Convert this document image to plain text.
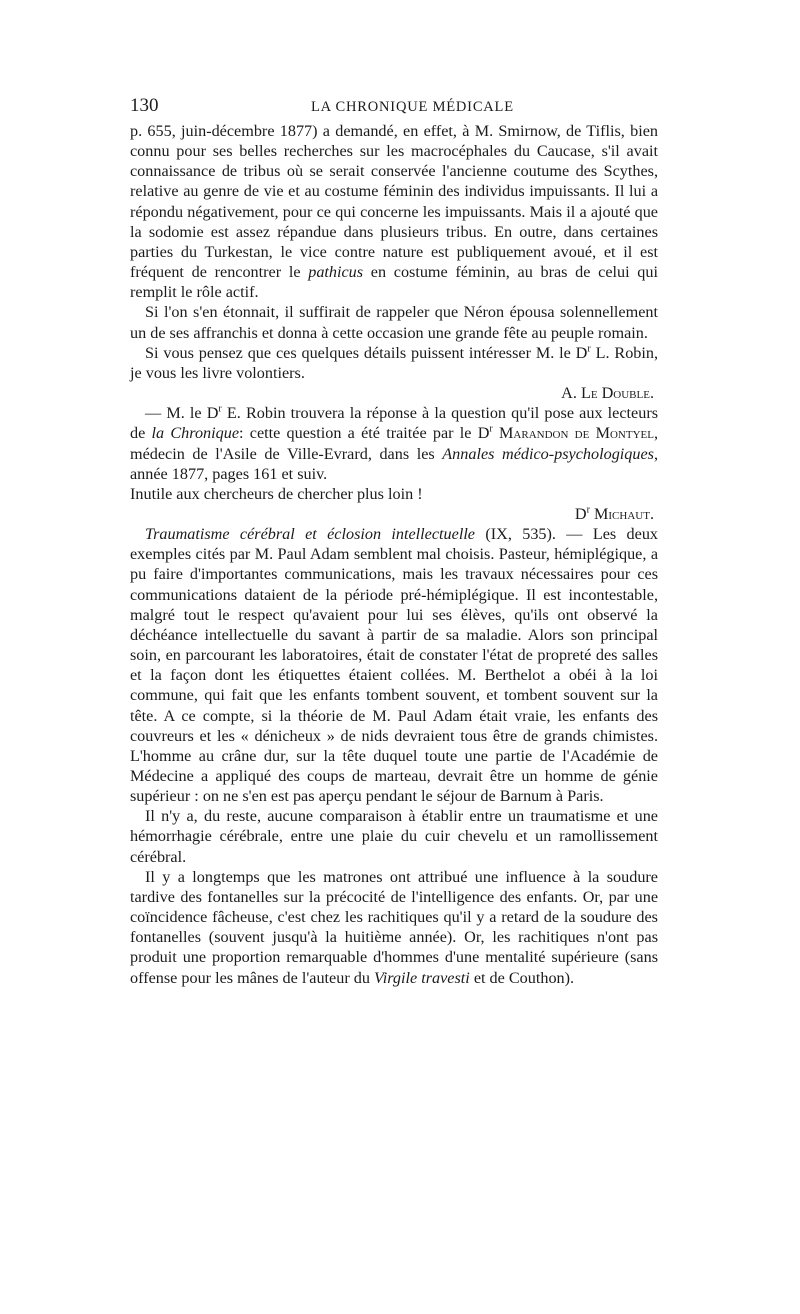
130	LA CHRONIQUE MÉDICALE

p. 655, juin-décembre 1877) a demandé, en effet, à M. Smirnow, de Tiflis, bien connu pour ses belles recherches sur les macrocéphales du Caucase, s'il avait connaissance de tribus où se serait conservée l'ancienne coutume des Scythes, relative au genre de vie et au costume féminin des individus impuissants. Il lui a répondu négativement, pour ce qui concerne les impuissants. Mais il a ajouté que la sodomie est assez répandue dans plusieurs tribus. En outre, dans certaines parties du Turkestan, le vice contre nature est publiquement avoué, et il est fréquent de rencontrer le pathicus en costume féminin, au bras de celui qui remplit le rôle actif.

Si l'on s'en étonnait, il suffirait de rappeler que Néron épousa solennellement un de ses affranchis et donna à cette occasion une grande fête au peuple romain.

Si vous pensez que ces quelques détails puissent intéresser M. le $D^r$ L. Robin, je vous les livre volontiers.

A. Le Double.

— M. le $D^r$ E. Robin trouvera la réponse à la question qu'il pose aux lecteurs de la Chronique: cette question a été traitée par le $D^r$ Marandon de Montyel, médecin de l'Asile de Ville-Evrard, dans les Annales médico-psychologiques, année 1877, pages 161 et suiv.

Inutile aux chercheurs de chercher plus loin !

$D^r$ Michaut.

Traumatisme cérébral et éclosion intellectuelle (IX, 535). — Les deux exemples cités par M. Paul Adam semblent mal choisis. Pasteur, hémiplégique, a pu faire d'importantes communications, mais les travaux nécessaires pour ces communications dataient de la période pré-hémiplégique. Il est incontestable, malgré tout le respect qu'avaient pour lui ses élèves, qu'ils ont observé la déchéance intellectuelle du savant à partir de sa maladie. Alors son principal soin, en parcourant les laboratoires, était de constater l'état de propreté des salles et la façon dont les étiquettes étaient collées. M. Berthelot a obéi à la loi commune, qui fait que les enfants tombent souvent, et tombent souvent sur la tête. A ce compte, si la théorie de M. Paul Adam était vraie, les enfants des couvreurs et les « dénicheux » de nids devraient tous être de grands chimistes. L'homme au crâne dur, sur la tête duquel toute une partie de l'Académie de Médecine a appliqué des coups de marteau, devrait être un homme de génie supérieur : on ne s'en est pas aperçu pendant le séjour de Barnum à Paris.

Il n'y a, du reste, aucune comparaison à établir entre un traumatisme et une hémorrhagie cérébrale, entre une plaie du cuir chevelu et un ramollissement cérébral.

Il y a longtemps que les matrones ont attribué une influence à la soudure tardive des fontanelles sur la précocité de l'intelligence des enfants. Or, par une coïncidence fâcheuse, c'est chez les rachitiques qu'il y a retard de la soudure des fontanelles (souvent jusqu'à la huitième année). Or, les rachitiques n'ont pas produit une proportion remarquable d'hommes d'une mentalité supérieure (sans offense pour les mânes de l'auteur du Virgile travesti et de Couthon).
